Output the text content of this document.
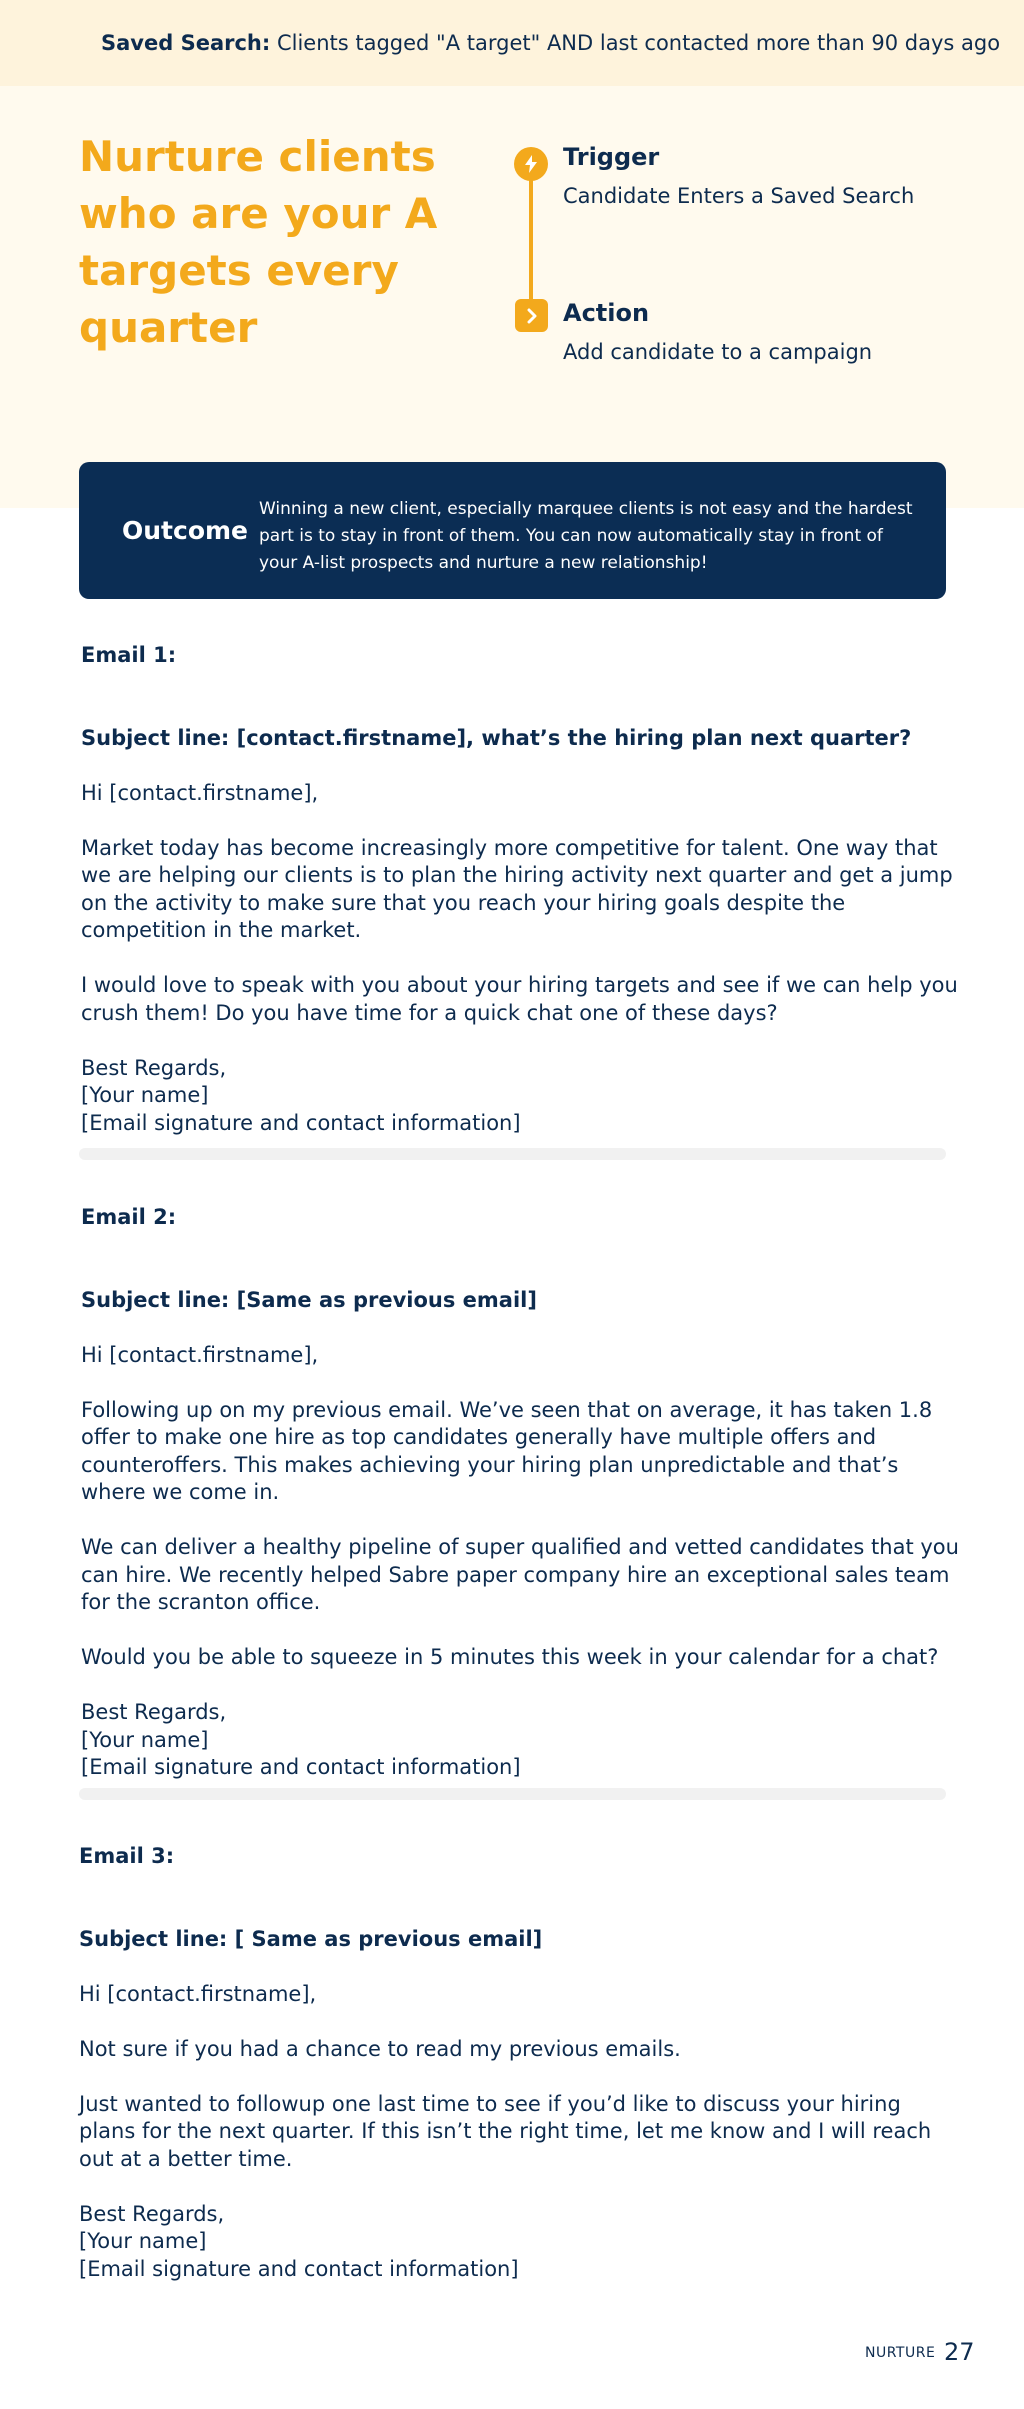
Saved Search: Clients tagged "A target" AND last contacted more than 90 days ago
Nurture clients who are your A targets every quarter
Trigger
Candidate Enters a Saved Search
Action
Add candidate to a campaign
Outcome
Winning a new client, especially marquee clients is not easy and the hardest part is to stay in front of them. You can now automatically stay in front of your A-list prospects and nurture a new relationship!

Email 1:

Subject line: [contact.firstname], what’s the hiring plan next quarter?

Hi [contact.firstname],

Market today has become increasingly more competitive for talent. One way that we are helping our clients is to plan the hiring activity next quarter and get a jump on the activity to make sure that you reach your hiring goals despite the competition in the market.

I would love to speak with you about your hiring targets and see if we can help you crush them! Do you have time for a quick chat one of these days?

Best Regards,

[Your name]

[Email signature and contact information]

Email 2:

Subject line: [Same as previous email]

Hi [contact.firstname],

Following up on my previous email. We’ve seen that on average, it has taken 1.8 offer to make one hire as top candidates generally have multiple offers and counteroffers. This makes achieving your hiring plan unpredictable and that’s where we come in.

We can deliver a healthy pipeline of super qualified and vetted candidates that you can hire. We recently helped Sabre paper company hire an exceptional sales team for the scranton office.

Would you be able to squeeze in 5 minutes this week in your calendar for a chat?

Best Regards,

[Your name]

[Email signature and contact information]

Email 3:

Subject line: [ Same as previous email]

Hi [contact.firstname],

Not sure if you had a chance to read my previous emails.

Just wanted to followup one last time to see if you’d like to discuss your hiring plans for the next quarter. If this isn’t the right time, let me know and I will reach out at a better time.

Best Regards,

[Your name]

[Email signature and contact information]

NURTURE 27
